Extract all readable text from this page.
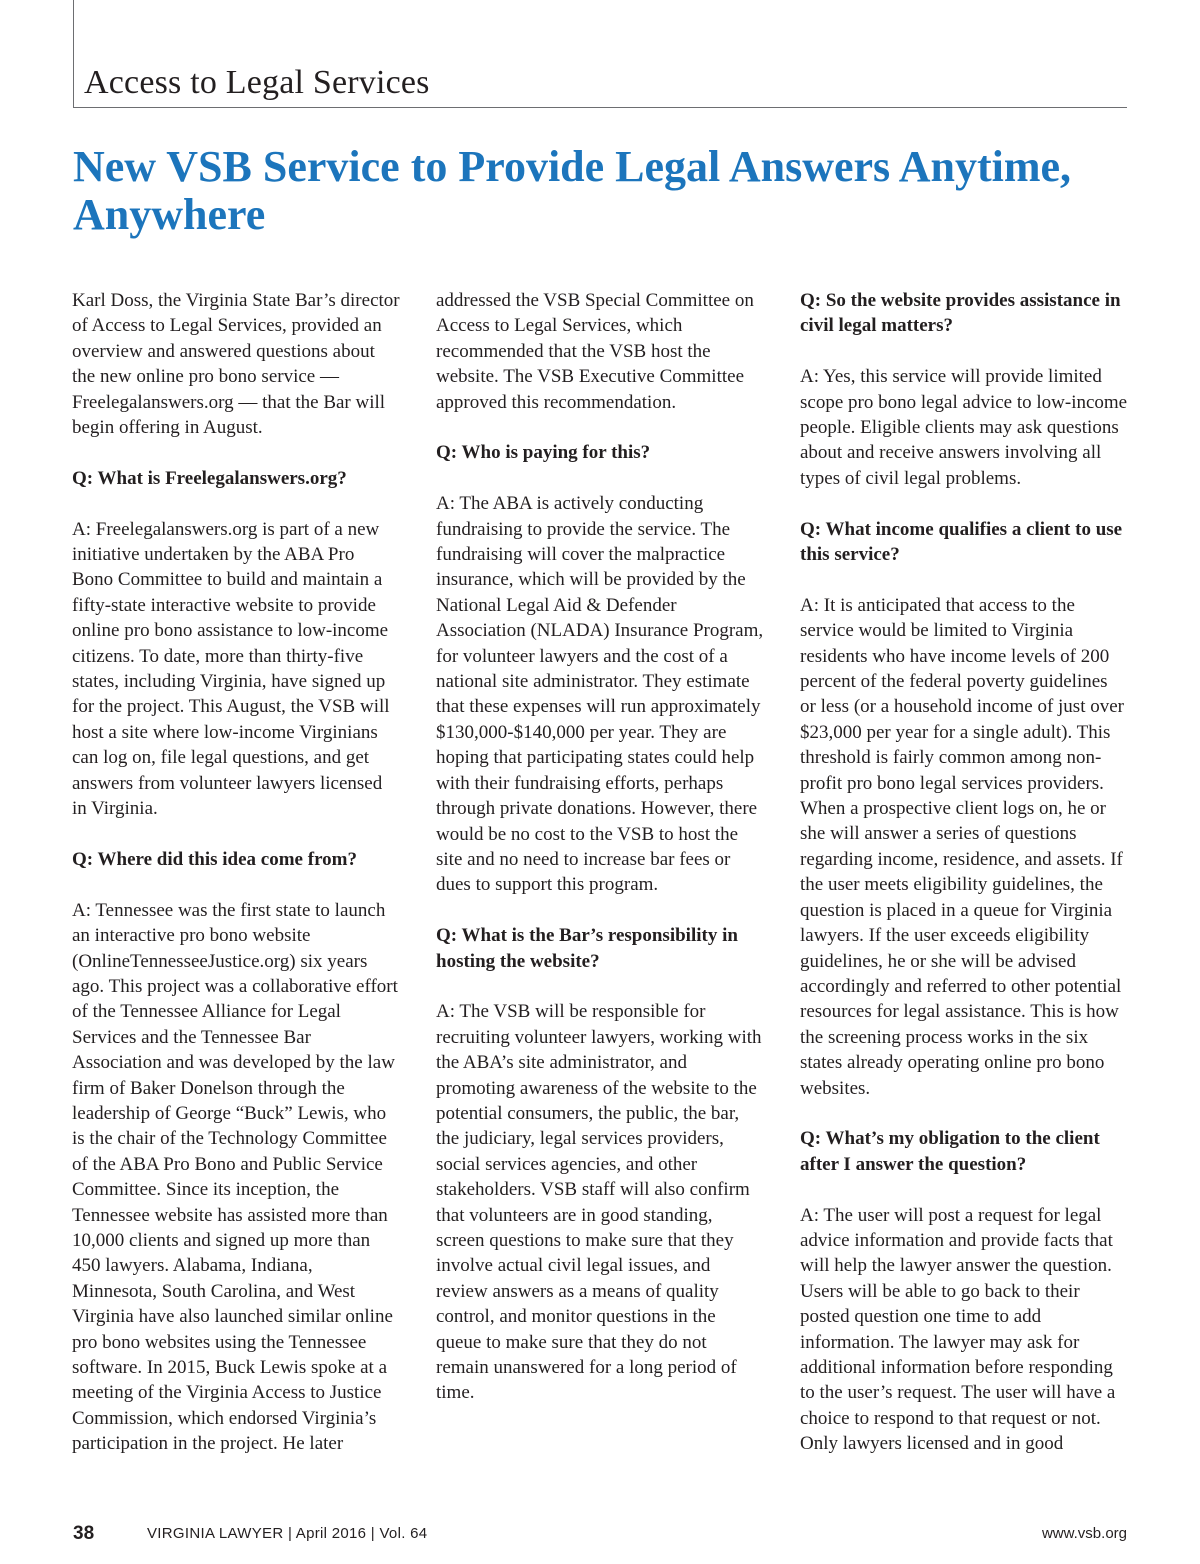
Access to Legal Services
New VSB Service to Provide Legal Answers Anytime, Anywhere

Karl Doss, the Virginia State Bar’s director of Access to Legal Services, provided an overview and answered questions about the new online pro bono service — Freelegalanswers.org — that the Bar will begin offering in August.

Q: What is Freelegalanswers.org?

A: Freelegalanswers.org is part of a new initiative undertaken by the ABA Pro Bono Committee to build and maintain a fifty-state interactive website to provide online pro bono assistance to low-income citizens. To date, more than thirty-five states, including Virginia, have signed up for the project. This August, the VSB will host a site where low-income Virginians can log on, file legal questions, and get answers from volunteer lawyers licensed in Virginia.

Q: Where did this idea come from?

A: Tennessee was the first state to launch an interactive pro bono website (OnlineTennesseeJustice.org) six years ago. This project was a collaborative effort of the Tennessee Alliance for Legal Services and the Tennessee Bar Association and was developed by the law firm of Baker Donelson through the leadership of George “Buck” Lewis, who is the chair of the Technology Committee of the ABA Pro Bono and Public Service Committee. Since its inception, the Tennessee website has assisted more than 10,000 clients and signed up more than 450 lawyers. Alabama, Indiana, Minnesota, South Carolina, and West Virginia have also launched similar online pro bono websites using the Tennessee software. In 2015, Buck Lewis spoke at a meeting of the Virginia Access to Justice Commission, which endorsed Virginia’s participation in the project. He later

addressed the VSB Special Committee on Access to Legal Services, which recommended that the VSB host the website. The VSB Executive Committee approved this recommendation.

Q: Who is paying for this?

A: The ABA is actively conducting fundraising to provide the service. The fundraising will cover the malpractice insurance, which will be provided by the National Legal Aid & Defender Association (NLADA) Insurance Program, for volunteer lawyers and the cost of a national site administrator. They estimate that these expenses will run approximately $130,000-$140,000 per year. They are hoping that participating states could help with their fundraising efforts, perhaps through private donations. However, there would be no cost to the VSB to host the site and no need to increase bar fees or dues to support this program.

Q: What is the Bar’s responsibility in hosting the website?

A: The VSB will be responsible for recruiting volunteer lawyers, working with the ABA’s site administrator, and promoting awareness of the website to the potential consumers, the public, the bar, the judiciary, legal services providers, social services agencies, and other stakeholders. VSB staff will also confirm that volunteers are in good standing, screen questions to make sure that they involve actual civil legal issues, and review answers as a means of quality control, and monitor questions in the queue to make sure that they do not remain unanswered for a long period of time.

Q: So the website provides assistance in civil legal matters?

A: Yes, this service will provide limited scope pro bono legal advice to low-income people. Eligible clients may ask questions about and receive answers involving all types of civil legal problems.

Q: What income qualifies a client to use this service?

A: It is anticipated that access to the service would be limited to Virginia residents who have income levels of 200 percent of the federal poverty guidelines or less (or a household income of just over $23,000 per year for a single adult). This threshold is fairly common among non-profit pro bono legal services providers. When a prospective client logs on, he or she will answer a series of questions regarding income, residence, and assets. If the user meets eligibility guidelines, the question is placed in a queue for Virginia lawyers. If the user exceeds eligibility guidelines, he or she will be advised accordingly and referred to other potential resources for legal assistance. This is how the screening process works in the six states already operating online pro bono websites.

Q: What’s my obligation to the client after I answer the question?

A: The user will post a request for legal advice information and provide facts that will help the lawyer answer the question. Users will be able to go back to their posted question one time to add information. The lawyer may ask for additional information before responding to the user’s request. The user will have a choice to respond to that request or not. Only lawyers licensed and in good

38	VIRGINIA LAWYER | April 2016 | Vol. 64	www.vsb.org
